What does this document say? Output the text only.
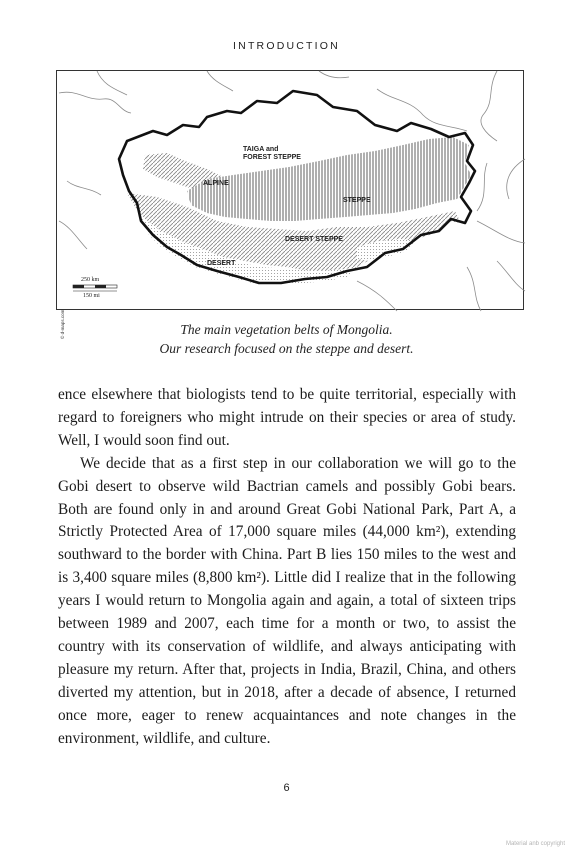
INTRODUCTION
TAIGA and
FOREST STEPPE
ALPINE
STEPPE
DESERT STEPPE
DESERT
© d-maps.com
250 km
150 mi
The main vegetation belts of Mongolia.
Our research focused on the steppe and desert.

ence elsewhere that biologists tend to be quite territorial, especially with regard to foreigners who might intrude on their species or area of study. Well, I would soon find out.

We decide that as a first step in our collaboration we will go to the Gobi desert to observe wild Bactrian camels and possibly Gobi bears. Both are found only in and around Great Gobi National Park, Part A, a Strictly Protected Area of 17,000 square miles (44,000 km²), extending southward to the border with China. Part B lies 150 miles to the west and is 3,400 square miles (8,800 km²). Little did I realize that in the following years I would return to Mongolia again and again, a total of sixteen trips between 1989 and 2007, each time for a month or two, to assist the country with its conservation of wildlife, and always anticipating with pleasure my return. After that, projects in India, Brazil, China, and others diverted my attention, but in 2018, after a decade of absence, I returned once more, eager to renew acquaintances and note changes in the environment, wildlife, and culture.

6
Material anb copyright
